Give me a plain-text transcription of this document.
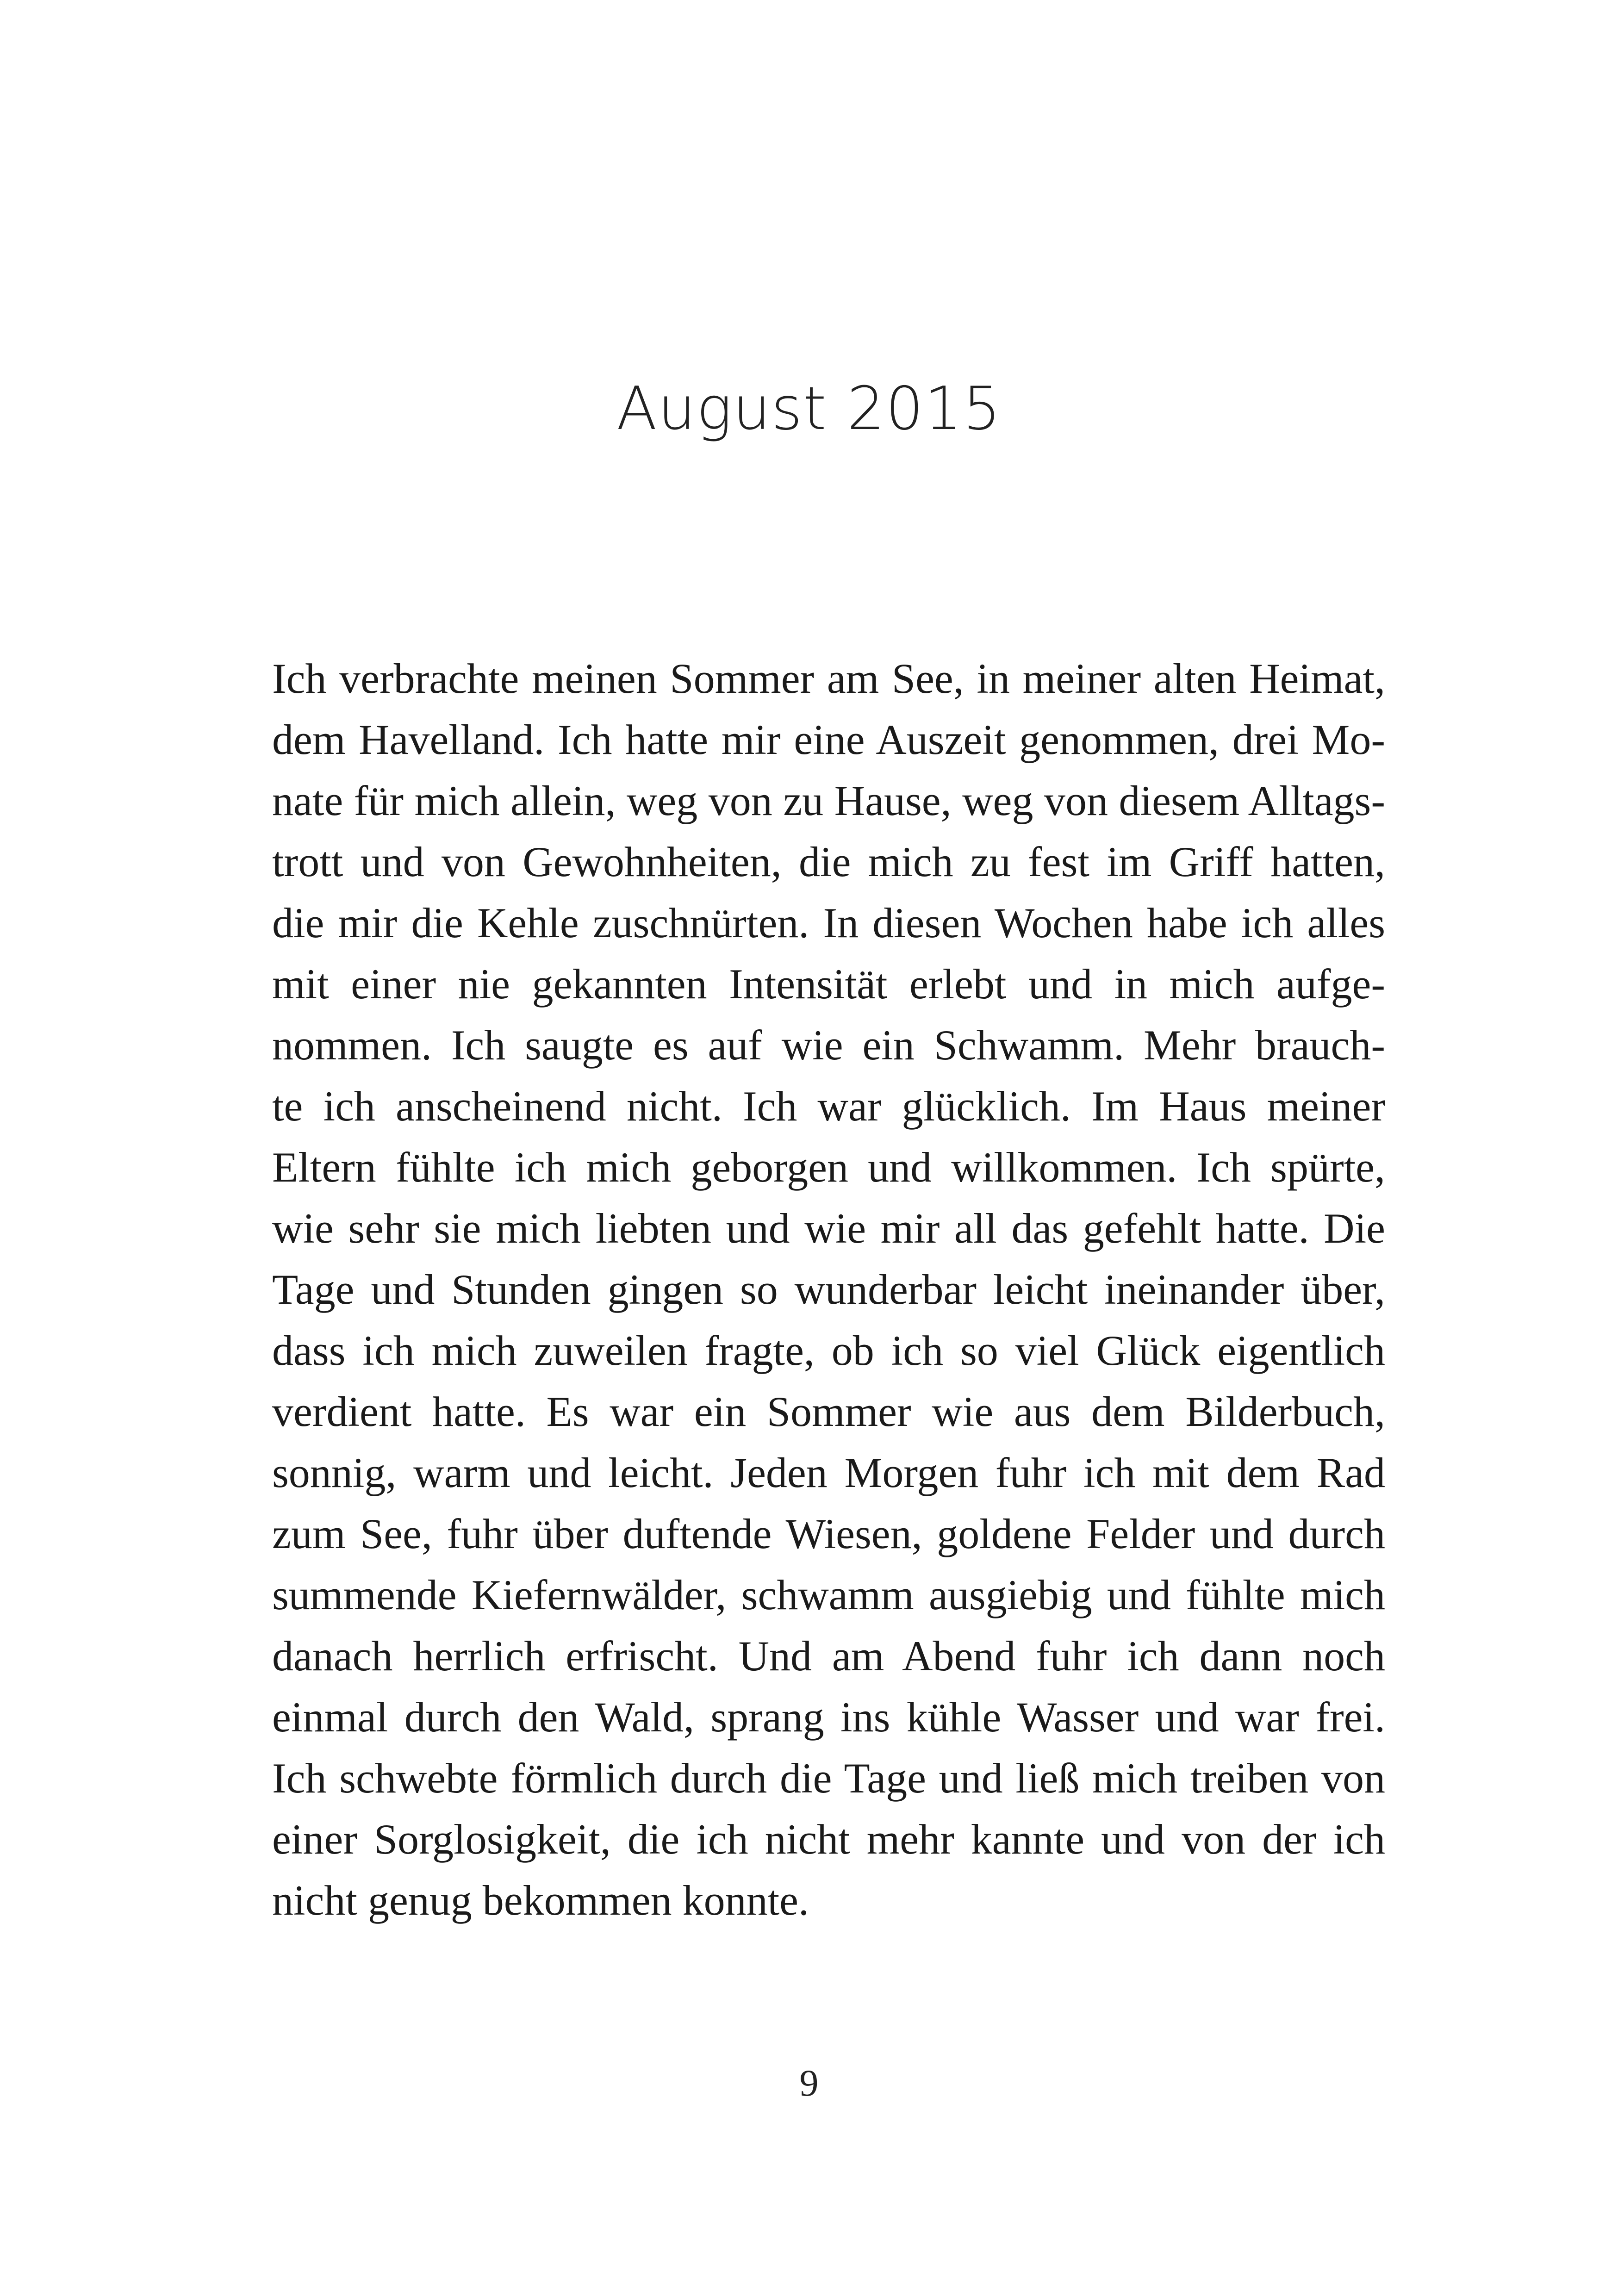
August 2015
Ich verbrachte meinen Sommer am See, in meiner alten Heimat,
dem Havelland. Ich hatte mir eine Auszeit genommen, drei Mo-
nate für mich allein, weg von zu Hause, weg von diesem Alltags-
trott und von Gewohnheiten, die mich zu fest im Griff hatten,
die mir die Kehle zuschnürten. In diesen Wochen habe ich alles
mit einer nie gekannten Intensität erlebt und in mich aufge-
nommen. Ich saugte es auf wie ein Schwamm. Mehr brauch-
te ich anscheinend nicht. Ich war glücklich. Im Haus meiner
Eltern fühlte ich mich geborgen und willkommen. Ich spürte,
wie sehr sie mich liebten und wie mir all das gefehlt hatte. Die
Tage und Stunden gingen so wunderbar leicht ineinander über,
dass ich mich zuweilen fragte, ob ich so viel Glück eigentlich
verdient hatte. Es war ein Sommer wie aus dem Bilderbuch,
sonnig, warm und leicht. Jeden Morgen fuhr ich mit dem Rad
zum See, fuhr über duftende Wiesen, goldene Felder und durch
summende Kiefernwälder, schwamm ausgiebig und fühlte mich
danach herrlich erfrischt. Und am Abend fuhr ich dann noch
einmal durch den Wald, sprang ins kühle Wasser und war frei.
Ich schwebte förmlich durch die Tage und ließ mich treiben von
einer Sorglosigkeit, die ich nicht mehr kannte und von der ich
nicht genug bekommen konnte.
9
